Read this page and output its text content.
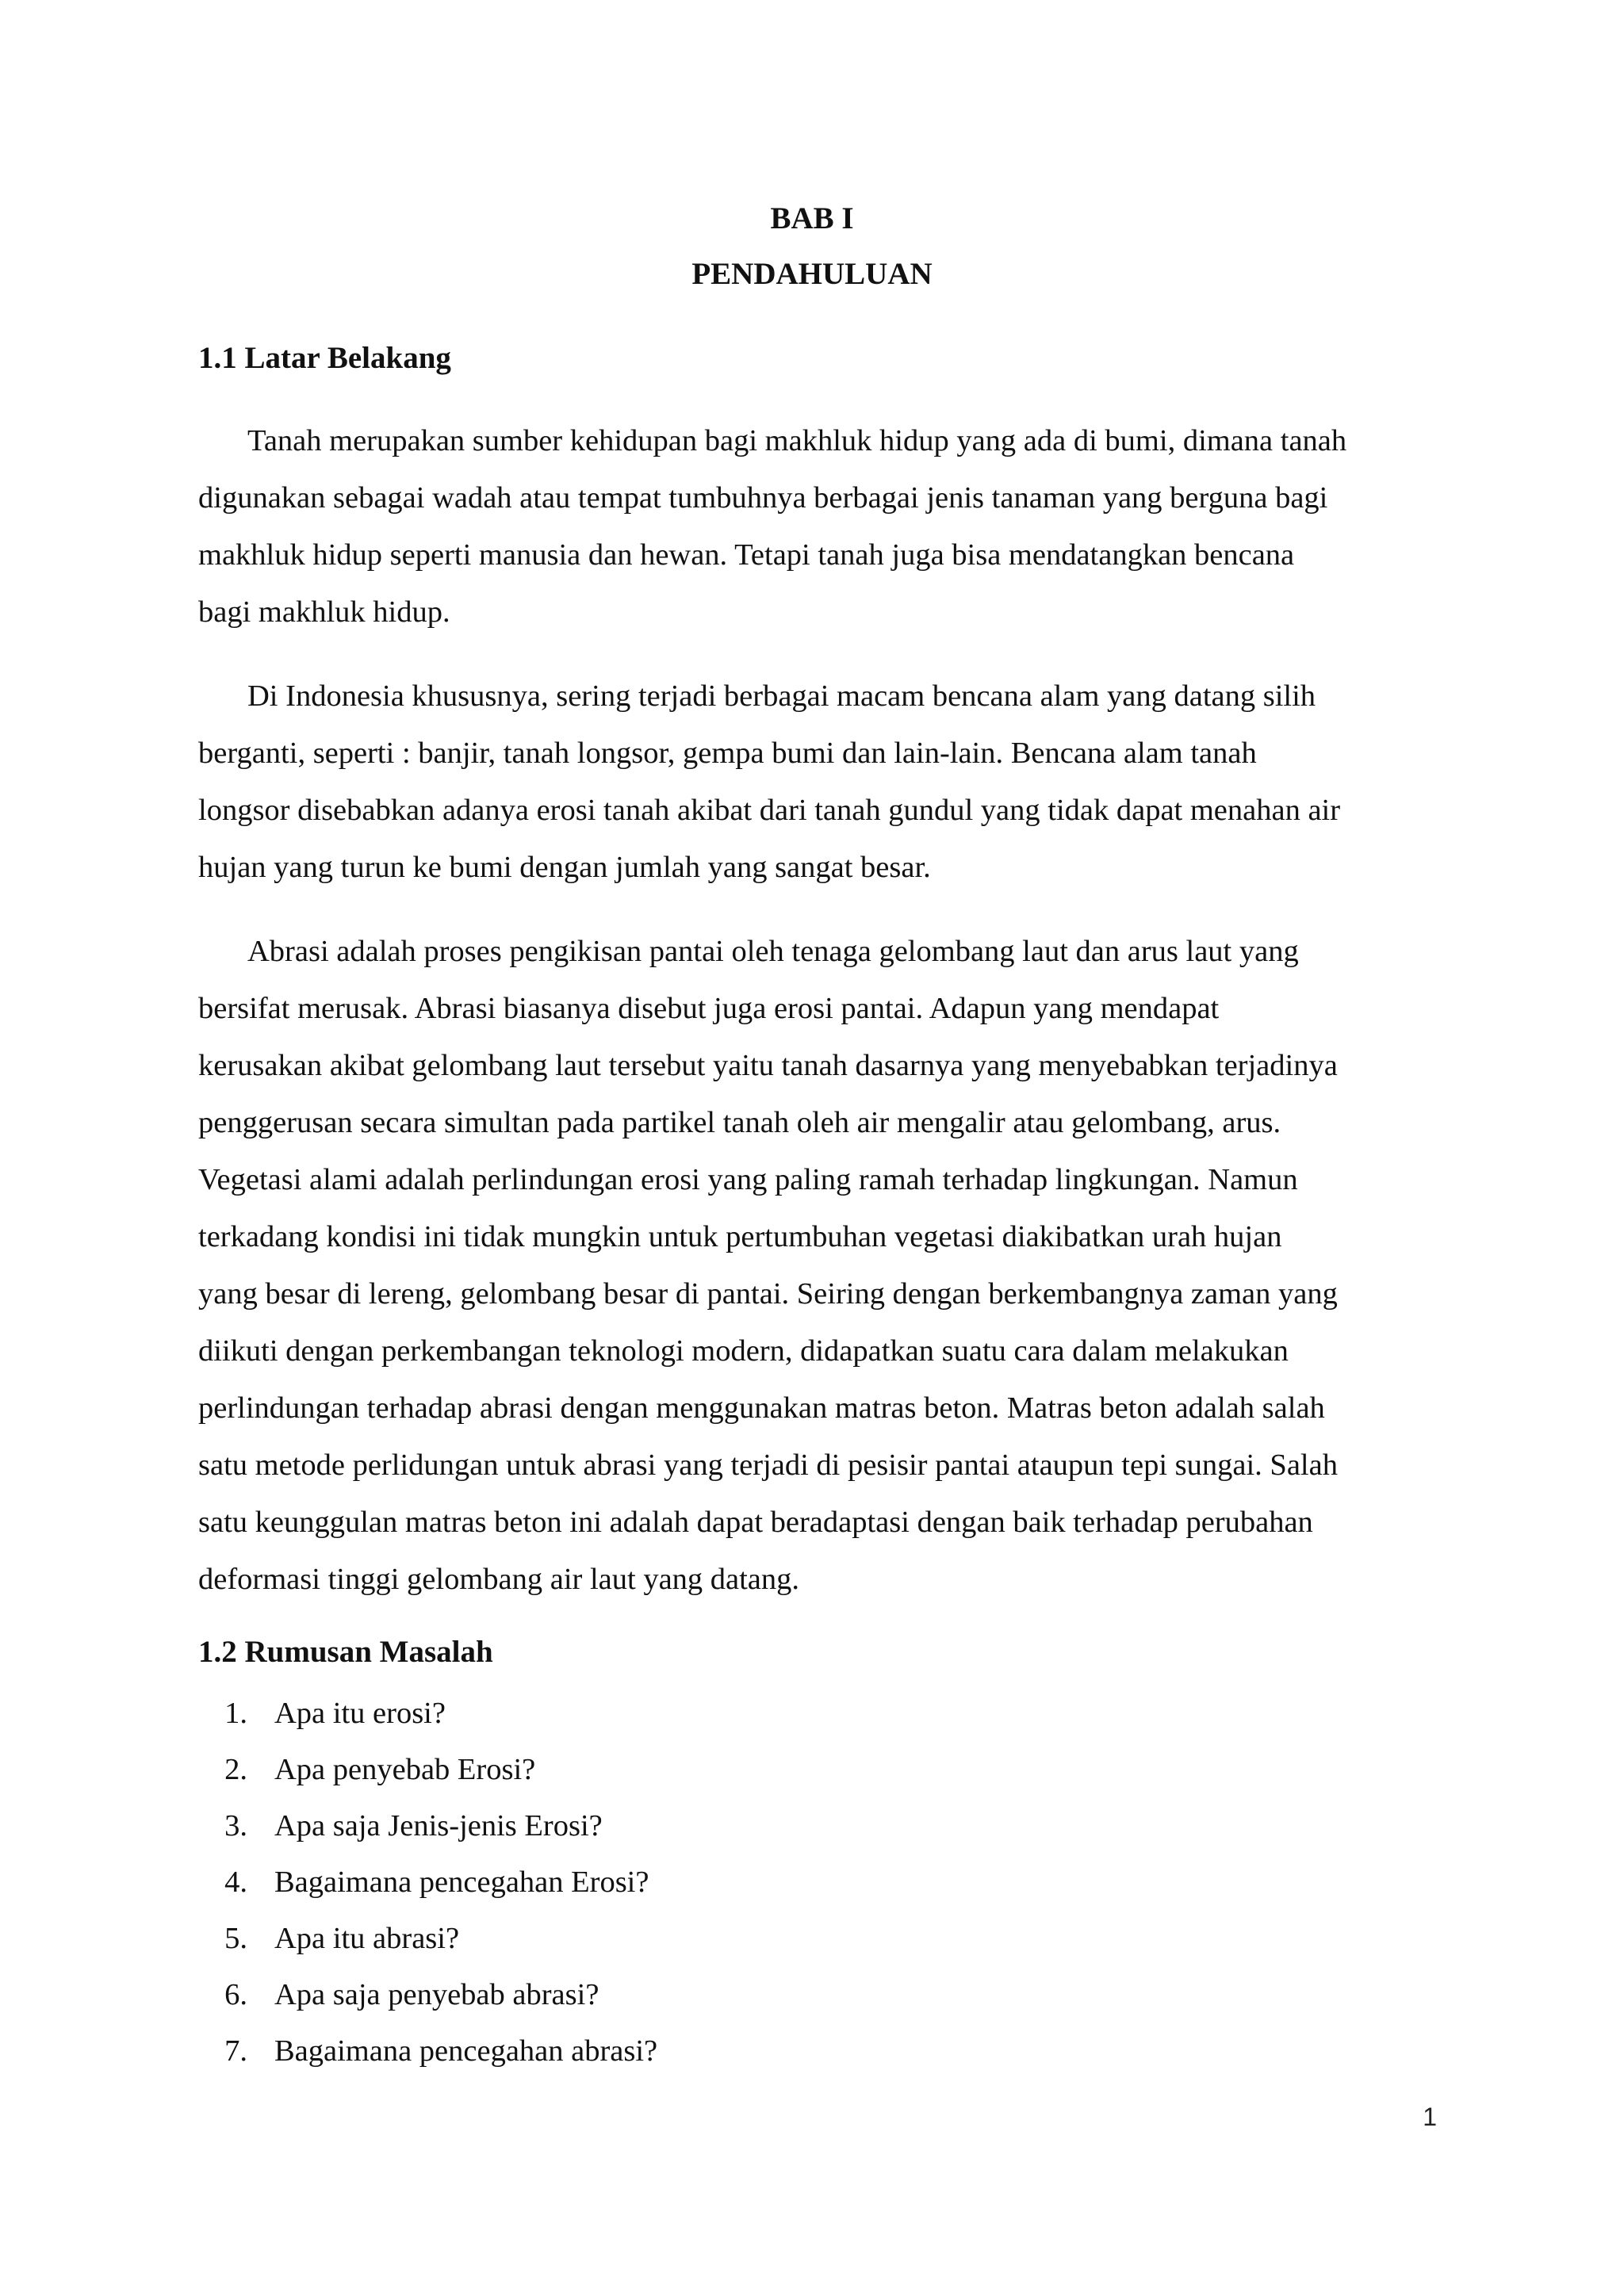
BAB I
PENDAHULUAN
1.1 Latar Belakang

Tanah merupakan sumber kehidupan bagi makhluk hidup yang ada di bumi, dimana tanah
digunakan sebagai wadah atau tempat tumbuhnya berbagai jenis tanaman yang berguna bagi
makhluk hidup seperti manusia dan hewan. Tetapi tanah juga bisa mendatangkan bencana
bagi makhluk hidup.

Di Indonesia khususnya, sering terjadi berbagai macam bencana alam yang datang silih
berganti, seperti : banjir, tanah longsor, gempa bumi dan lain-lain. Bencana alam tanah
longsor disebabkan adanya erosi tanah akibat dari tanah gundul yang tidak dapat menahan air
hujan yang turun ke bumi dengan jumlah yang sangat besar.

Abrasi adalah proses pengikisan pantai oleh tenaga gelombang laut dan arus laut yang
bersifat merusak. Abrasi biasanya disebut juga erosi pantai. Adapun yang mendapat
kerusakan akibat gelombang laut tersebut yaitu tanah dasarnya yang menyebabkan terjadinya
penggerusan secara simultan pada partikel tanah oleh air mengalir atau gelombang, arus.
Vegetasi alami adalah perlindungan erosi yang paling ramah terhadap lingkungan. Namun
terkadang kondisi ini tidak mungkin untuk pertumbuhan vegetasi diakibatkan urah hujan
yang besar di lereng, gelombang besar di pantai. Seiring dengan berkembangnya zaman yang
diikuti dengan perkembangan teknologi modern, didapatkan suatu cara dalam melakukan
perlindungan terhadap abrasi dengan menggunakan matras beton. Matras beton adalah salah
satu metode perlidungan untuk abrasi yang terjadi di pesisir pantai ataupun tepi sungai. Salah
satu keunggulan matras beton ini adalah dapat beradaptasi dengan baik terhadap perubahan
deformasi tinggi gelombang air laut yang datang.

1.2 Rumusan Masalah
1. Apa itu erosi?
2. Apa penyebab Erosi?
3. Apa saja Jenis-jenis Erosi?
4. Bagaimana pencegahan Erosi?
5. Apa itu abrasi?
6. Apa saja penyebab abrasi?
7. Bagaimana pencegahan abrasi?
1
